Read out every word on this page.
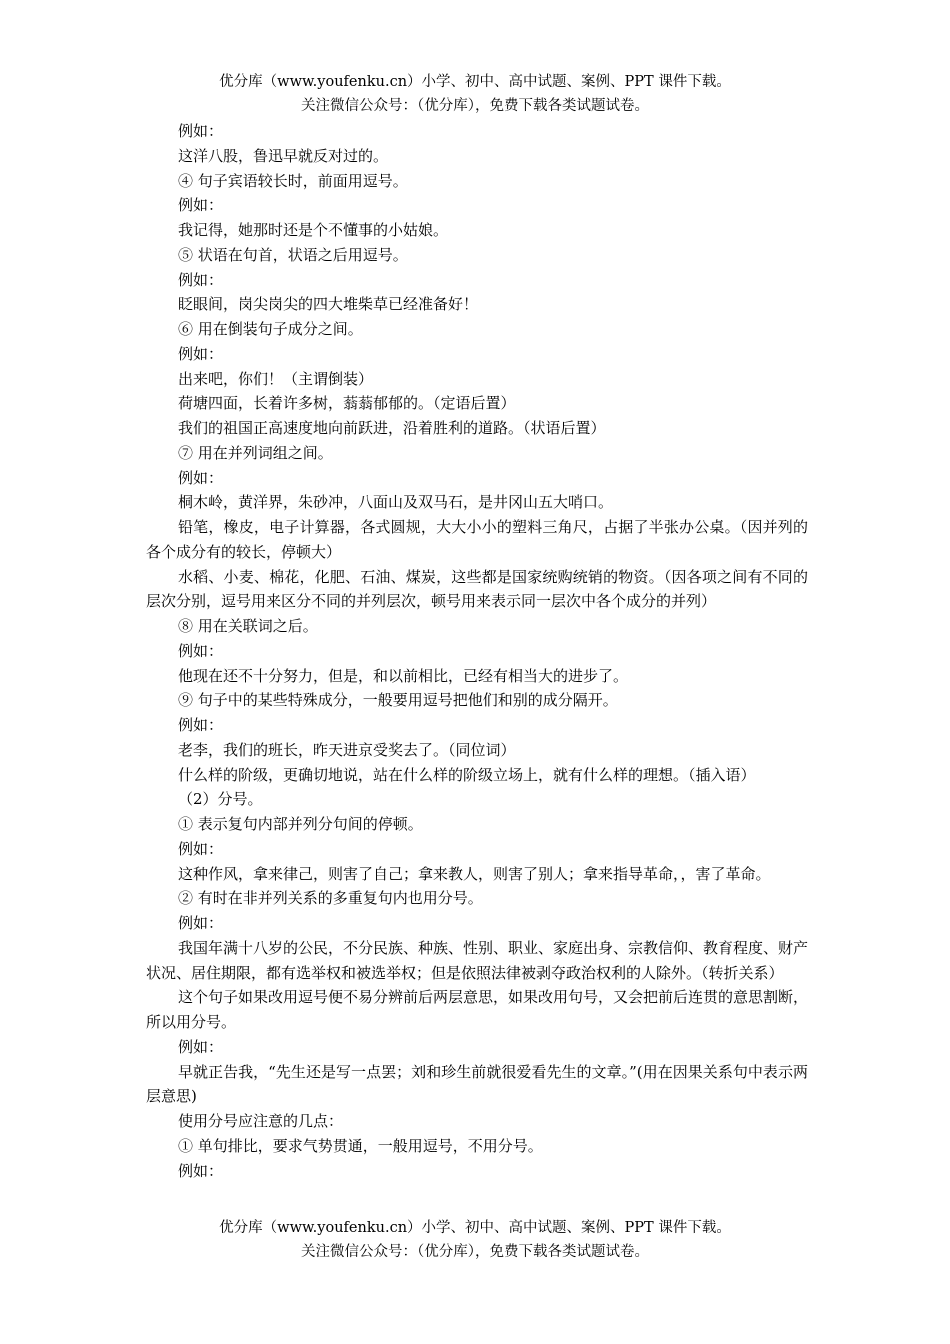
优分库（www.youfenku.cn）小学、初中、高中试题、案例、PPT 课件下载。
关注微信公众号：（优分库），免费下载各类试题试卷。

例如：

这洋八股，鲁迅早就反对过的。

④ 句子宾语较长时，前面用逗号。

例如：

我记得，她那时还是个不懂事的小姑娘。

⑤ 状语在句首，状语之后用逗号。

例如：

眨眼间，岗尖岗尖的四大堆柴草已经准备好！

⑥ 用在倒装句子成分之间。

例如：

出来吧，你们！（主谓倒装）

荷塘四面，长着许多树，蓊蓊郁郁的。（定语后置）

我们的祖国正高速度地向前跃进，沿着胜利的道路。（状语后置）

⑦ 用在并列词组之间。

例如：

桐木岭，黄洋界，朱砂冲，八面山及双马石，是井冈山五大哨口。

铅笔，橡皮，电子计算器，各式圆规，大大小小的塑料三角尺，占据了半张办公桌。（因并列的各个成分有的较长，停顿大）

水稻、小麦、棉花，化肥、石油、煤炭，这些都是国家统购统销的物资。（因各项之间有不同的层次分别，逗号用来区分不同的并列层次，顿号用来表示同一层次中各个成分的并列）

⑧ 用在关联词之后。

例如：

他现在还不十分努力，但是，和以前相比，已经有相当大的进步了。

⑨ 句子中的某些特殊成分，一般要用逗号把他们和别的成分隔开。

例如：

老李，我们的班长，昨天进京受奖去了。（同位词）

什么样的阶级，更确切地说，站在什么样的阶级立场上，就有什么样的理想。（插入语）

（2）分号。

① 表示复句内部并列分句间的停顿。

例如：

这种作风，拿来律己，则害了自己；拿来教人，则害了别人；拿来指导革命，，害了革命。

② 有时在非并列关系的多重复句内也用分号。

例如：

我国年满十八岁的公民，不分民族、种族、性别、职业、家庭出身、宗教信仰、教育程度、财产状况、居住期限，都有选举权和被选举权；但是依照法律被剥夺政治权利的人除外。（转折关系）

这个句子如果改用逗号便不易分辨前后两层意思，如果改用句号，又会把前后连贯的意思割断，所以用分号。

例如：

早就正告我，“先生还是写一点罢；刘和珍生前就很爱看先生的文章。”(用在因果关系句中表示两层意思)

使用分号应注意的几点：

① 单句排比，要求气势贯通，一般用逗号，不用分号。

例如：

优分库（www.youfenku.cn）小学、初中、高中试题、案例、PPT 课件下载。
关注微信公众号：（优分库），免费下载各类试题试卷。
